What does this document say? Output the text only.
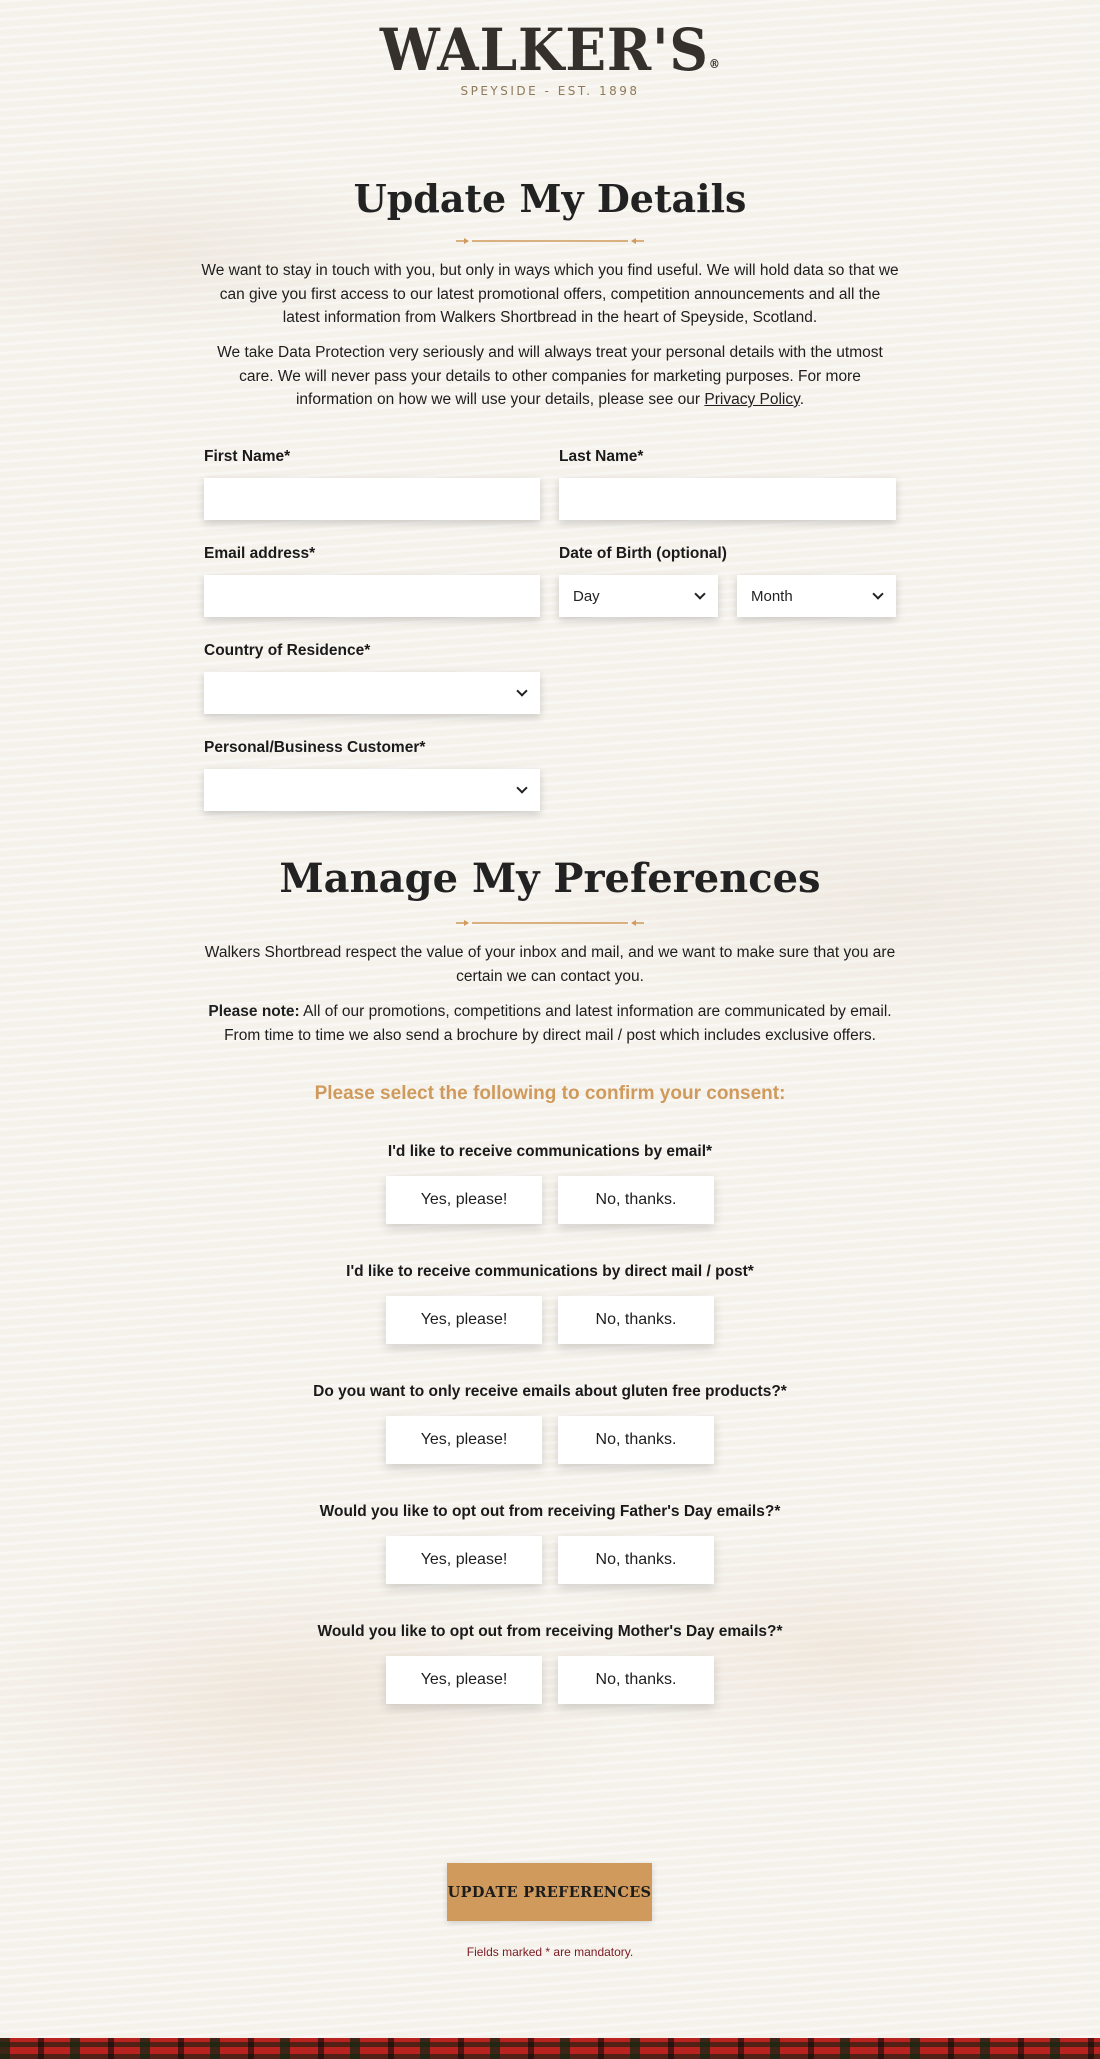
WALKER'S®
SPEYSIDE - EST. 1898
Update My Details

We want to stay in touch with you, but only in ways which you find useful. We will hold data so that we can give you first access to our latest promotional offers, competition announcements and all the latest information from Walkers Shortbread in the heart of Speyside, Scotland.

We take Data Protection very seriously and will always treat your personal details with the utmost care. We will never pass your details to other companies for marketing purposes. For more information on how we will use your details, please see our Privacy Policy.

First Name*	Last Name*
Email address*	Date of Birth (optional)
Day	Month
Country of Residence*
Personal/Business Customer*
Manage My Preferences

Walkers Shortbread respect the value of your inbox and mail, and we want to make sure that you are certain we can contact you.

Please note: All of our promotions, competitions and latest information are communicated by email. From time to time we also send a brochure by direct mail / post which includes exclusive offers.

Please select the following to confirm your consent:
I'd like to receive communications by email*
Yes, please!	No, thanks.
I'd like to receive communications by direct mail / post*
Yes, please!	No, thanks.
Do you want to only receive emails about gluten free products?*
Yes, please!	No, thanks.
Would you like to opt out from receiving Father's Day emails?*
Yes, please!	No, thanks.
Would you like to opt out from receiving Mother's Day emails?*
Yes, please!	No, thanks.
UPDATE PREFERENCES
Fields marked * are mandatory.
